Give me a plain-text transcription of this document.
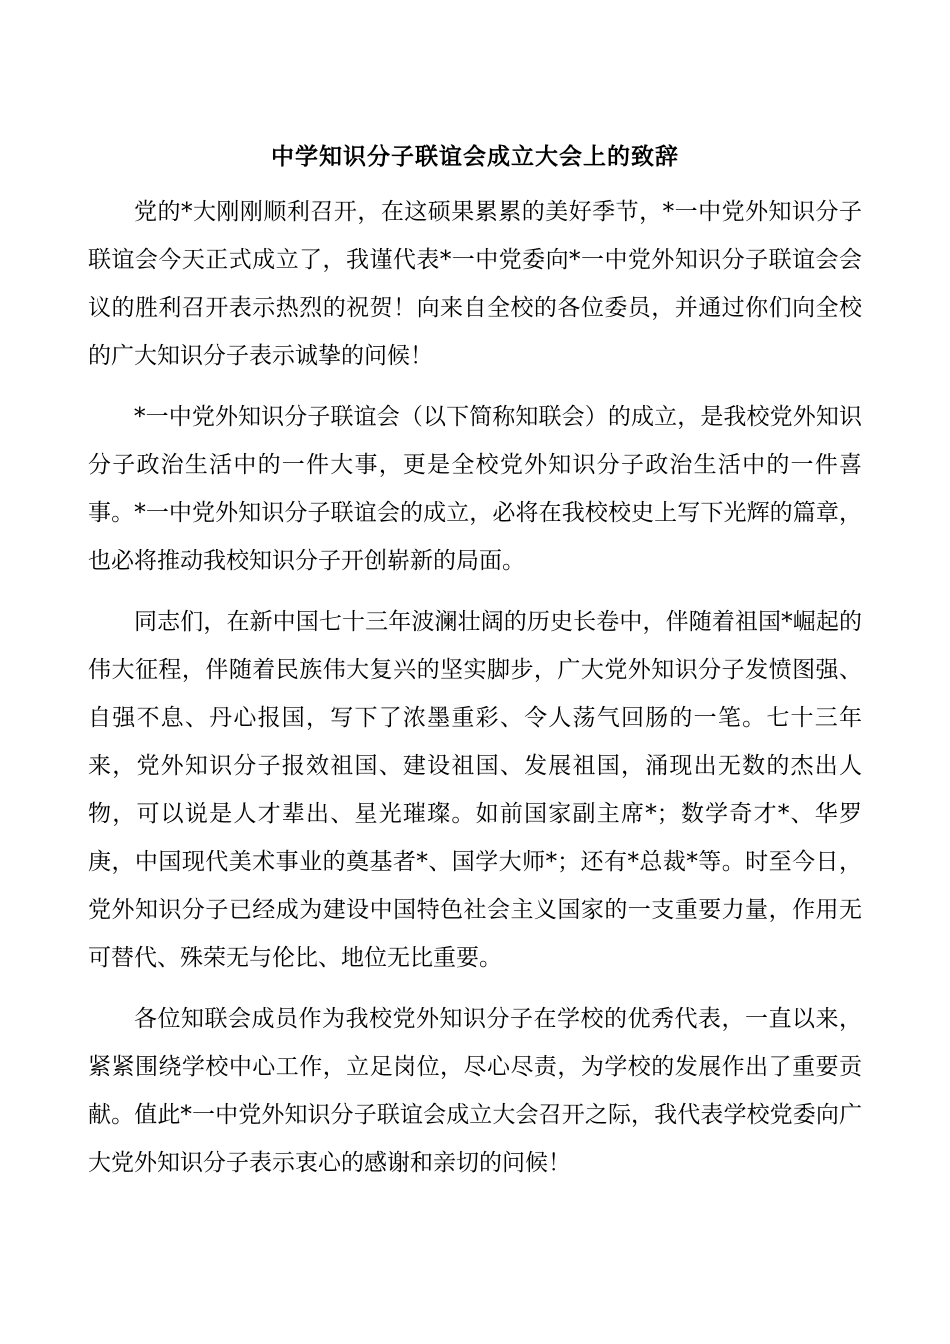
中学知识分子联谊会成立大会上的致辞

党的*大刚刚顺利召开，在这硕果累累的美好季节，*一中党外知识分子联谊会今天正式成立了，我谨代表*一中党委向*一中党外知识分子联谊会会议的胜利召开表示热烈的祝贺！向来自全校的各位委员，并通过你们向全校的广大知识分子表示诚挚的问候！

*一中党外知识分子联谊会（以下简称知联会）的成立，是我校党外知识分子政治生活中的一件大事，更是全校党外知识分子政治生活中的一件喜事。*一中党外知识分子联谊会的成立，必将在我校校史上写下光辉的篇章，也必将推动我校知识分子开创崭新的局面。

同志们，在新中国七十三年波澜壮阔的历史长卷中，伴随着祖国*崛起的伟大征程，伴随着民族伟大复兴的坚实脚步，广大党外知识分子发愤图强、自强不息、丹心报国，写下了浓墨重彩、令人荡气回肠的一笔。七十三年来，党外知识分子报效祖国、建设祖国、发展祖国，涌现出无数的杰出人物，可以说是人才辈出、星光璀璨。如前国家副主席*；数学奇才*、华罗庚，中国现代美术事业的奠基者*、国学大师*；还有*总裁*等。时至今日，党外知识分子已经成为建设中国特色社会主义国家的一支重要力量，作用无可替代、殊荣无与伦比、地位无比重要。

各位知联会成员作为我校党外知识分子在学校的优秀代表，一直以来，紧紧围绕学校中心工作，立足岗位，尽心尽责，为学校的发展作出了重要贡献。值此*一中党外知识分子联谊会成立大会召开之际，我代表学校党委向广大党外知识分子表示衷心的感谢和亲切的问候！
